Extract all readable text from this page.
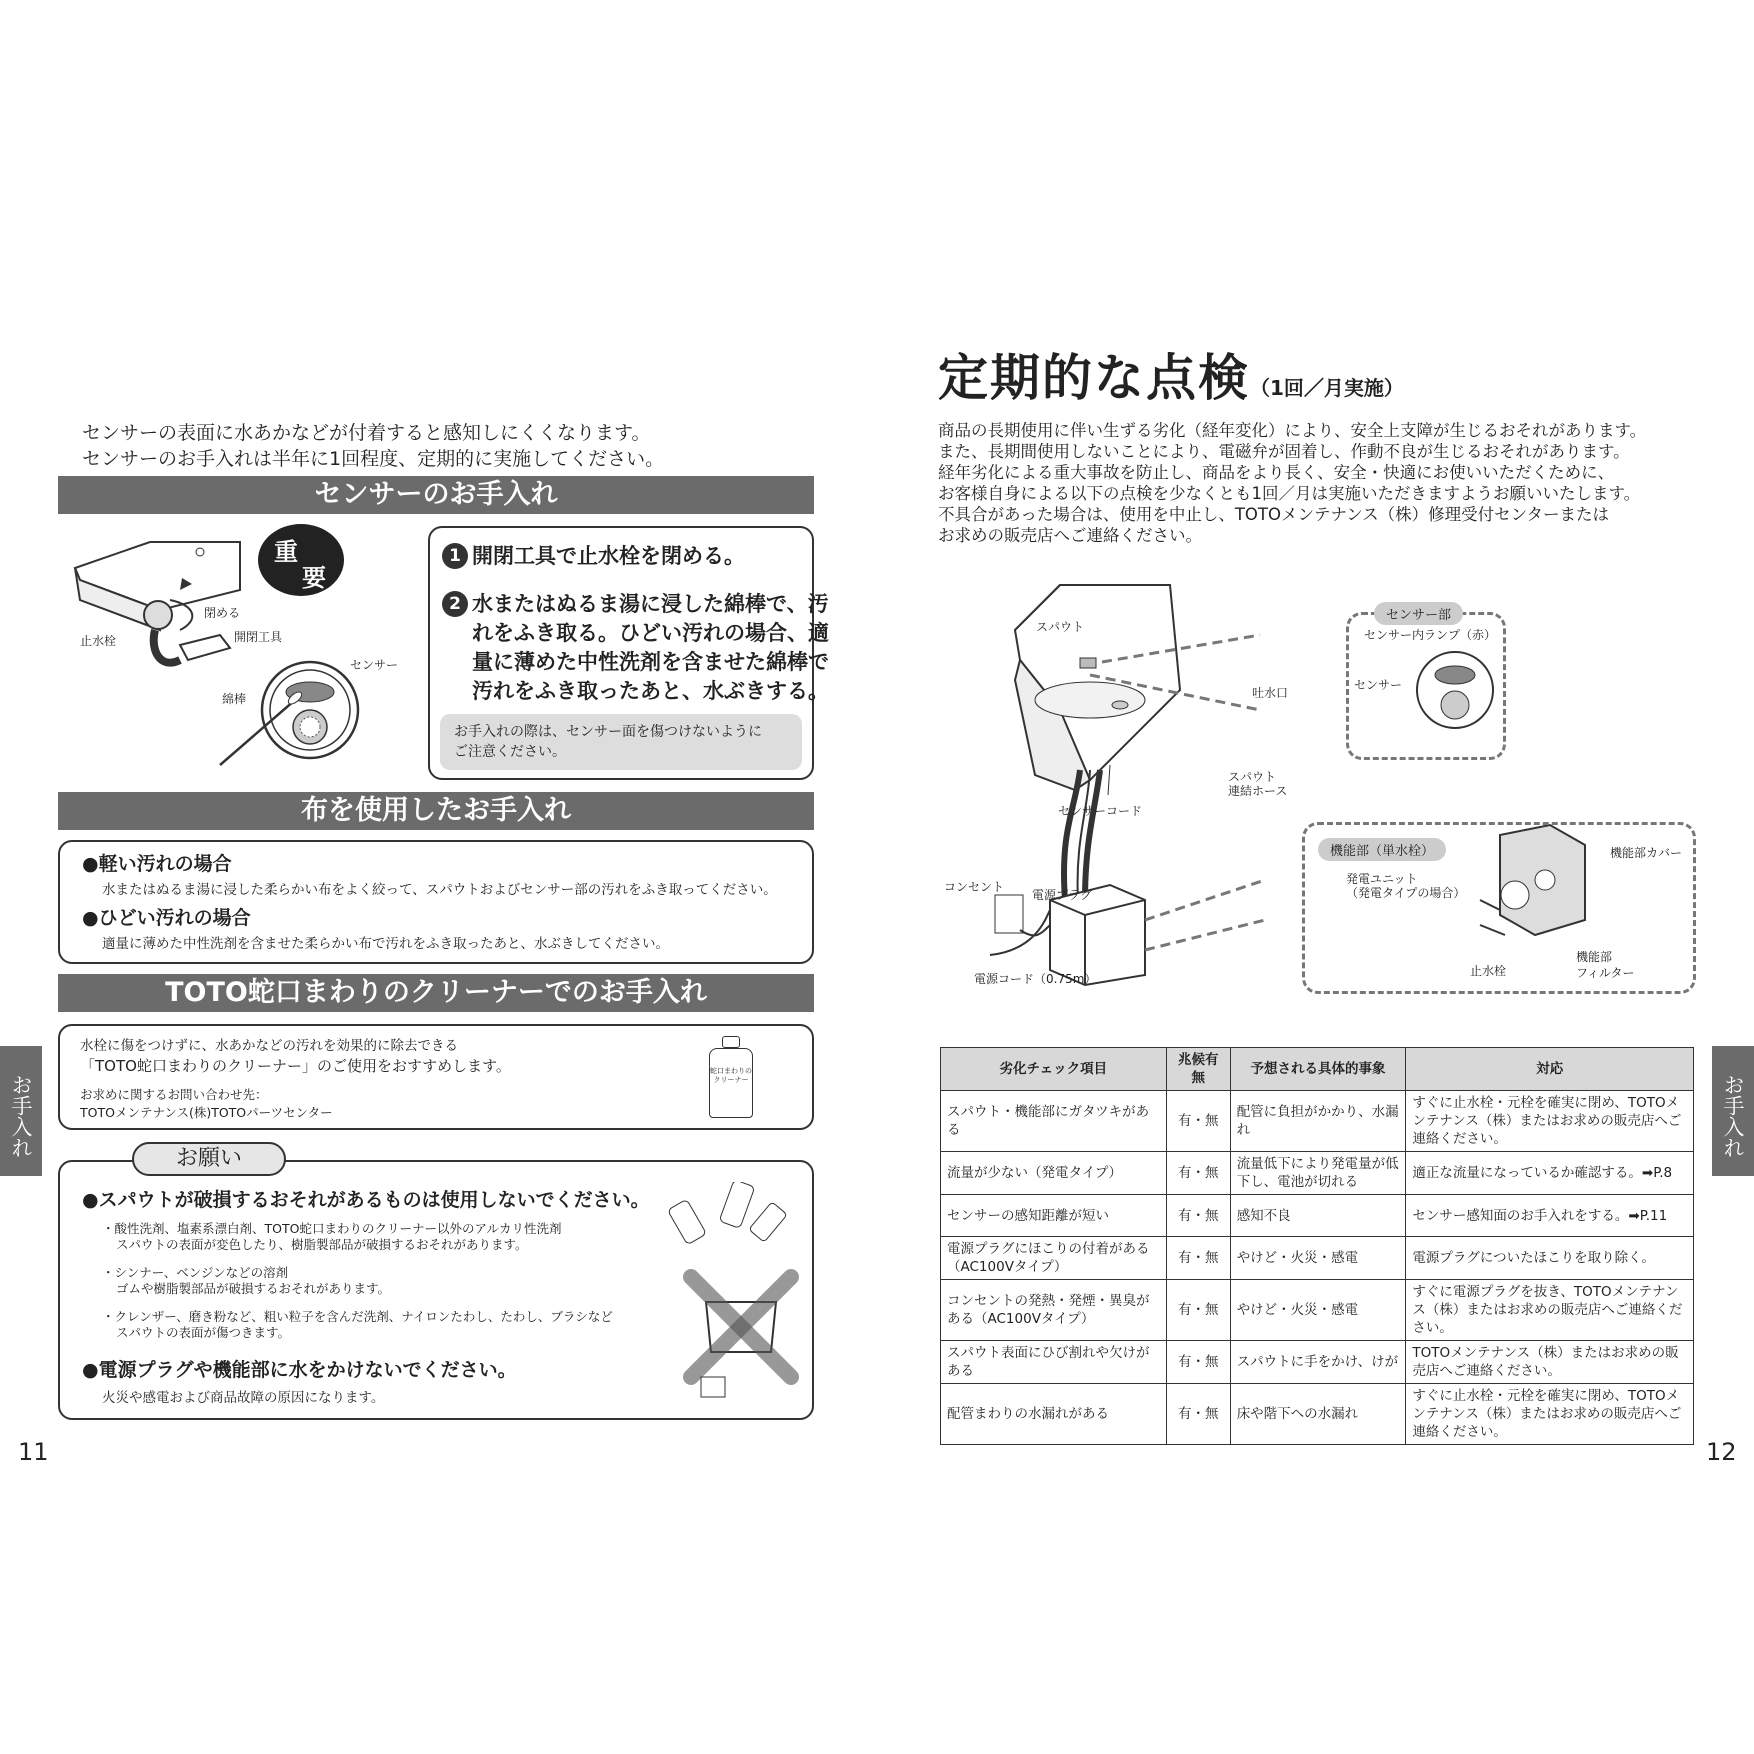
センサーの表面に水あかなどが付着すると感知しにくくなります。
センサーのお手入れは半年に1回程度、定期的に実施してください。
センサーのお手入れ
閉める
止水栓	開閉工具
センサー
綿棒
重
要
1 開閉工具で止水栓を閉める。
2 水またはぬるま湯に浸した綿棒で、汚
れをふき取る。ひどい汚れの場合、適
量に薄めた中性洗剤を含ませた綿棒で
汚れをふき取ったあと、水ぶきする。
お手入れの際は、センサー面を傷つけないように
ご注意ください。
布を使用したお手入れ
●軽い汚れの場合
水またはぬるま湯に浸した柔らかい布をよく絞って、スパウトおよびセンサー部の汚れをふき取ってください。
●ひどい汚れの場合
適量に薄めた中性洗剤を含ませた柔らかい布で汚れをふき取ったあと、水ぶきしてください。
TOTO蛇口まわりのクリーナーでのお手入れ
水栓に傷をつけずに、水あかなどの汚れを効果的に除去できる
「TOTO蛇口まわりのクリーナー」のご使用をおすすめします。
お求めに関するお問い合わせ先：
TOTOメンテナンス(株)TOTOパーツセンター
蛇口まわりのクリーナー
●スパウトが破損するおそれがあるものは使用しないでください。
・酸性洗剤、塩素系漂白剤、TOTO蛇口まわりのクリーナー以外のアルカリ性洗剤
スパウトの表面が変色したり、樹脂製部品が破損するおそれがあります。
・シンナー、ベンジンなどの溶剤
ゴムや樹脂製部品が破損するおそれがあります。
・クレンザー、磨き粉など、粗い粒子を含んだ洗剤、ナイロンたわし、たわし、ブラシなど
スパウトの表面が傷つきます。
●電源プラグや機能部に水をかけないでください。
火災や感電および商品故障の原因になります。
お願い
お手入れ
11
定期的な点検（1回／月実施）
商品の長期使用に伴い生ずる劣化（経年変化）により、安全上支障が生じるおそれがあります。
また、長期間使用しないことにより、電磁弁が固着し、作動不良が生じるおそれがあります。
経年劣化による重大事故を防止し、商品をより長く、安全・快適にお使いいただくために、
お客様自身による以下の点検を少なくとも1回／月は実施いただきますようお願いいたします。
不具合があった場合は、使用を中止し、TOTOメンテナンス（株）修理受付センターまたは
お求めの販売店へご連絡ください。
センサー部
機能部（単水栓）
スパウト
吐水口
スパウト
連結ホース
センサーコード
コンセント
電源プラグ
電源コード（0.75m）
センサー内ランプ（赤）
センサー
機能部カバー
発電ユニット
（発電タイプの場合）
止水栓
機能部
フィルター
劣化チェック項目	兆候有無	予想される具体的事象	対応
スパウト・機能部にガタツキがある	有・無	配管に負担がかかり、水漏れ	すぐに止水栓・元栓を確実に閉め、TOTOメンテナンス（株）またはお求めの販売店へご連絡ください。
流量が少ない（発電タイプ）	有・無	流量低下により発電量が低下し、電池が切れる	適正な流量になっているか確認する。➡P.8
センサーの感知距離が短い	有・無	感知不良	センサー感知面のお手入れをする。➡P.11
電源プラグにほこりの付着がある（AC100Vタイプ）	有・無	やけど・火災・感電	電源プラグについたほこりを取り除く。
コンセントの発熱・発煙・異臭がある（AC100Vタイプ）	有・無	やけど・火災・感電	すぐに電源プラグを抜き、TOTOメンテナンス（株）またはお求めの販売店へご連絡ください。
スパウト表面にひび割れや欠けがある	有・無	スパウトに手をかけ、けが	TOTOメンテナンス（株）またはお求めの販売店へご連絡ください。
配管まわりの水漏れがある	有・無	床や階下への水漏れ	すぐに止水栓・元栓を確実に閉め、TOTOメンテナンス（株）またはお求めの販売店へご連絡ください。
お手入れ
12
